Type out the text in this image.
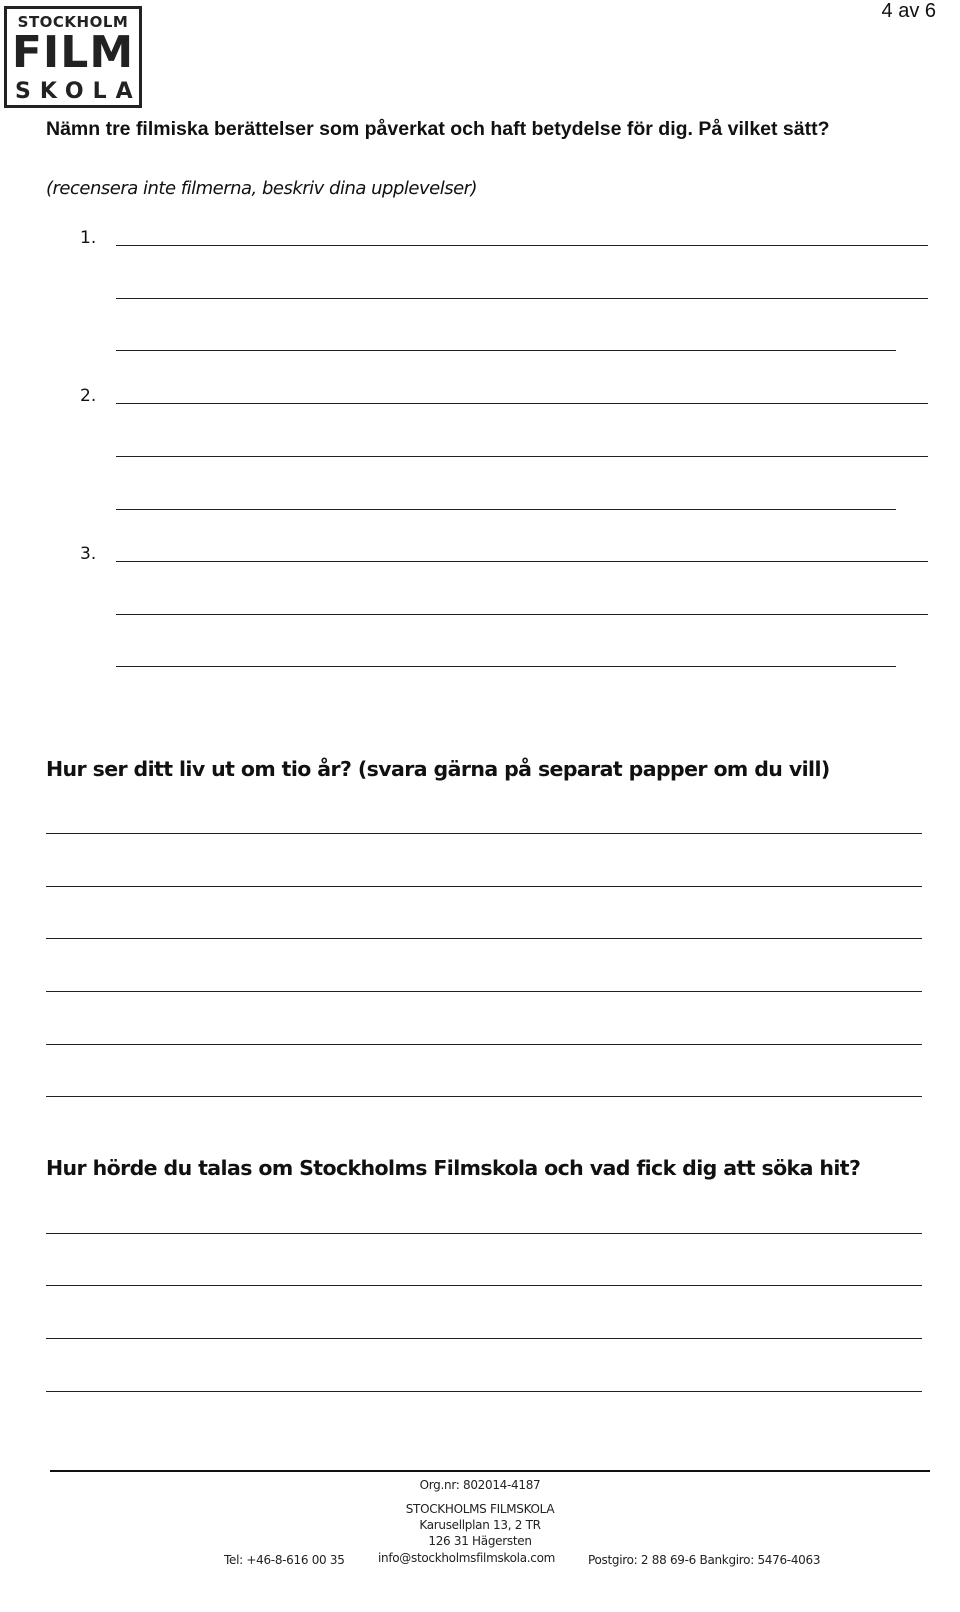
STOCKHOLM
FILM
SKOLA
4 av 6
Nämn tre filmiska berättelser som påverkat och haft betydelse för dig. På vilket sätt?
(recensera inte filmerna, beskriv dina upplevelser)
1.
2.
3.
Hur ser ditt liv ut om tio år? (svara gärna på separat papper om du vill)
Hur hörde du talas om Stockholms Filmskola och vad fick dig att söka hit?
Org.nr: 802014-4187
STOCKHOLMS FILMSKOLA
Karusellplan 13, 2 TR
126 31 Hägersten
Tel: +46-8-616 00 35	info@stockholmsfilmskola.com	Postgiro: 2 88 69-6 Bankgiro: 5476-4063
